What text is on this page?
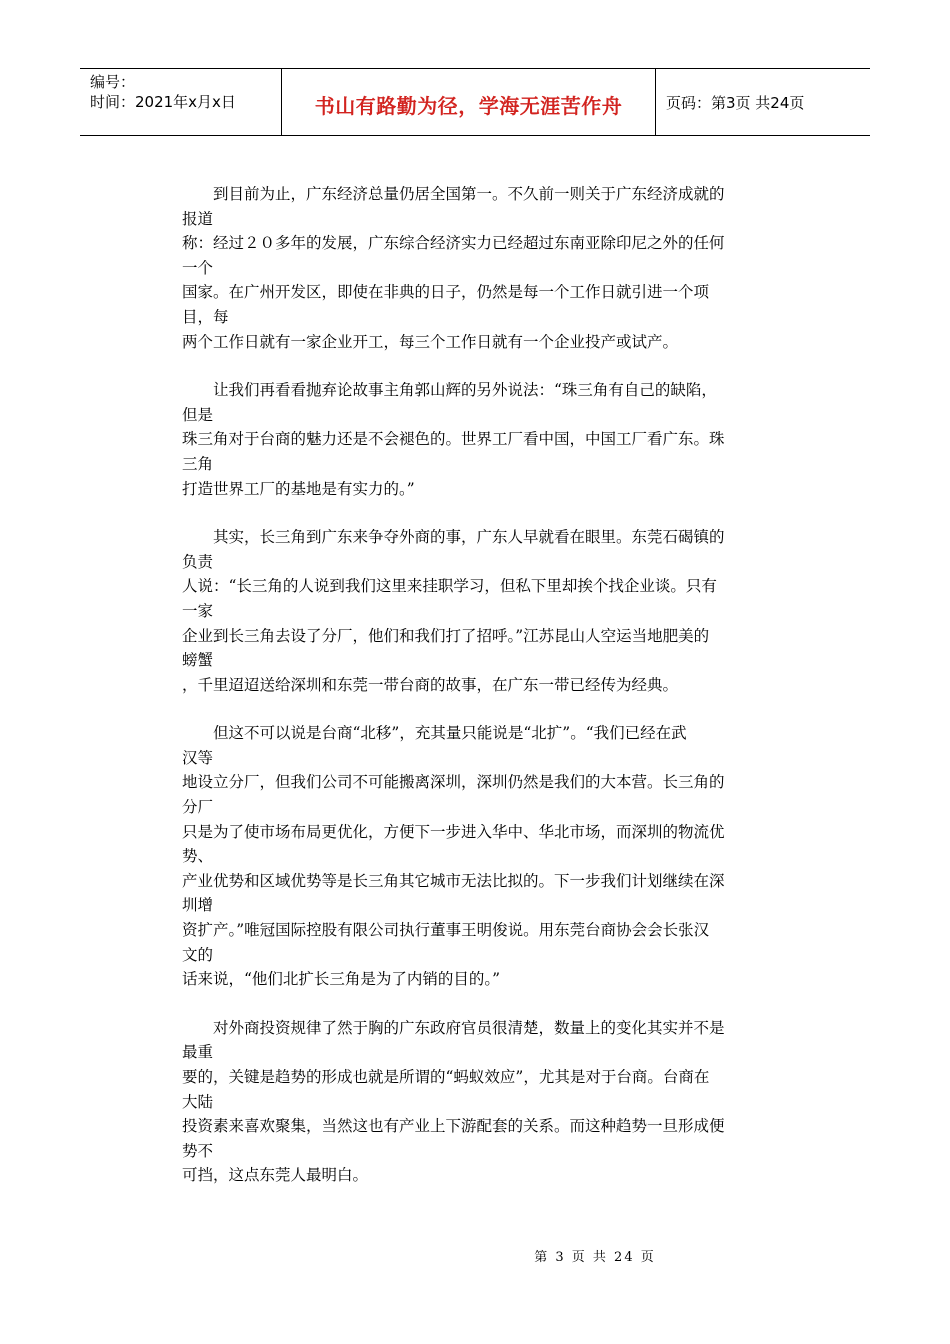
编号：
时间：2021年x月x日	书山有路勤为径，学海无涯苦作舟	页码：第3页 共24页
　　到目前为止，广东经济总量仍居全国第一。不久前一则关于广东经济成就的
报道
称：经过２０多年的发展，广东综合经济实力已经超过东南亚除印尼之外的任何
一个
国家。在广州开发区，即使在非典的日子，仍然是每一个工作日就引进一个项
目，每
两个工作日就有一家企业开工，每三个工作日就有一个企业投产或试产。
　　让我们再看看抛弃论故事主角郭山辉的另外说法：“珠三角有自己的缺陷，
但是
珠三角对于台商的魅力还是不会褪色的。世界工厂看中国，中国工厂看广东。珠
三角
打造世界工厂的基地是有实力的。”
　　其实，长三角到广东来争夺外商的事，广东人早就看在眼里。东莞石碣镇的
负责
人说：“长三角的人说到我们这里来挂职学习，但私下里却挨个找企业谈。只有
一家
企业到长三角去设了分厂，他们和我们打了招呼。”江苏昆山人空运当地肥美的
螃蟹
，千里迢迢送给深圳和东莞一带台商的故事，在广东一带已经传为经典。
　　但这不可以说是台商“北移”，充其量只能说是“北扩”。“我们已经在武
汉等
地设立分厂，但我们公司不可能搬离深圳，深圳仍然是我们的大本营。长三角的
分厂
只是为了使市场布局更优化，方便下一步进入华中、华北市场，而深圳的物流优
势、
产业优势和区域优势等是长三角其它城市无法比拟的。下一步我们计划继续在深
圳增
资扩产。”唯冠国际控股有限公司执行董事王明俊说。用东莞台商协会会长张汉
文的
话来说，“他们北扩长三角是为了内销的目的。”
　　对外商投资规律了然于胸的广东政府官员很清楚，数量上的变化其实并不是
最重
要的，关键是趋势的形成也就是所谓的“蚂蚁效应”，尤其是对于台商。台商在
大陆
投资素来喜欢聚集，当然这也有产业上下游配套的关系。而这种趋势一旦形成便
势不
可挡，这点东莞人最明白。
第 3 页 共 24 页
